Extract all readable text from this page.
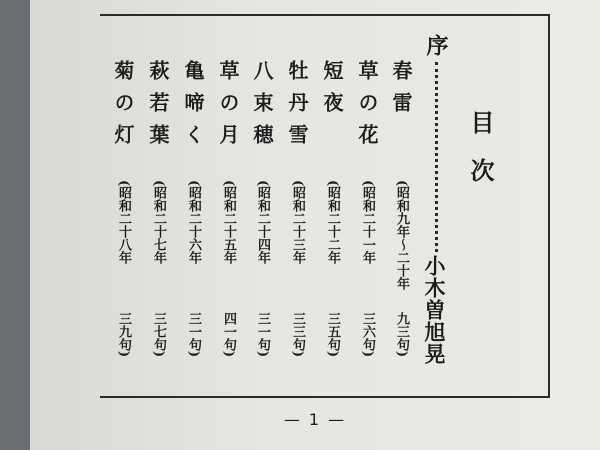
目次
序
小木曽旭晃
春雷
(昭和九年〜二十年
九三句)
草の花
(昭和二十一年
三六句)
短夜
(昭和二十二年
三五句)
牡丹雪
(昭和二十三年
三三句)
八束穂
(昭和二十四年
三一句)
草の月
(昭和二十五年
四一句)
亀啼く
(昭和二十六年
三一句)
萩若葉
(昭和二十七年
三七句)
菊の灯
(昭和二十八年
三九句)
— 1 —
